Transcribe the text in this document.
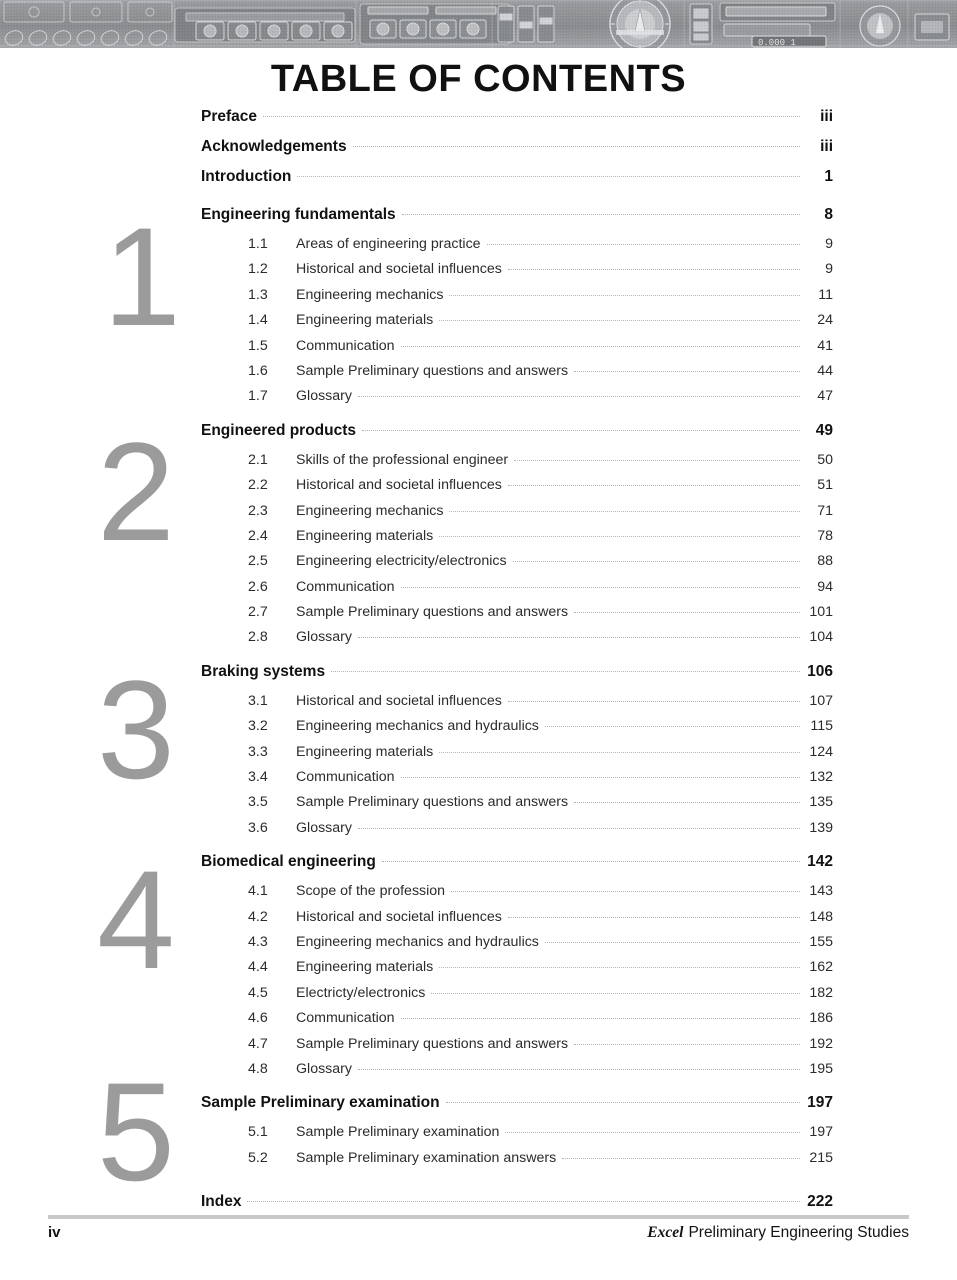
TABLE OF CONTENTS
1
2
3
4
5
Preface	iii
Acknowledgements	iii
Introduction	1
Engineering fundamentals	8
1.1	Areas of engineering practice	9
1.2	Historical and societal influences	9
1.3	Engineering mechanics	11
1.4	Engineering materials	24
1.5	Communication	41
1.6	Sample Preliminary questions and answers	44
1.7	Glossary	47
Engineered products	49
2.1	Skills of the professional engineer	50
2.2	Historical and societal influences	51
2.3	Engineering mechanics	71
2.4	Engineering materials	78
2.5	Engineering electricity/electronics	88
2.6	Communication	94
2.7	Sample Preliminary questions and answers	101
2.8	Glossary	104
Braking systems	106
3.1	Historical and societal influences	107
3.2	Engineering mechanics and hydraulics	115
3.3	Engineering materials	124
3.4	Communication	132
3.5	Sample Preliminary questions and answers	135
3.6	Glossary	139
Biomedical engineering	142
4.1	Scope of the profession	143
4.2	Historical and societal influences	148
4.3	Engineering mechanics and hydraulics	155
4.4	Engineering materials	162
4.5	Electricty/electronics	182
4.6	Communication	186
4.7	Sample Preliminary questions and answers	192
4.8	Glossary	195
Sample Preliminary examination	197
5.1	Sample Preliminary examination	197
5.2	Sample Preliminary examination answers	215
Index	222
iv	Excel Preliminary Engineering Studies
